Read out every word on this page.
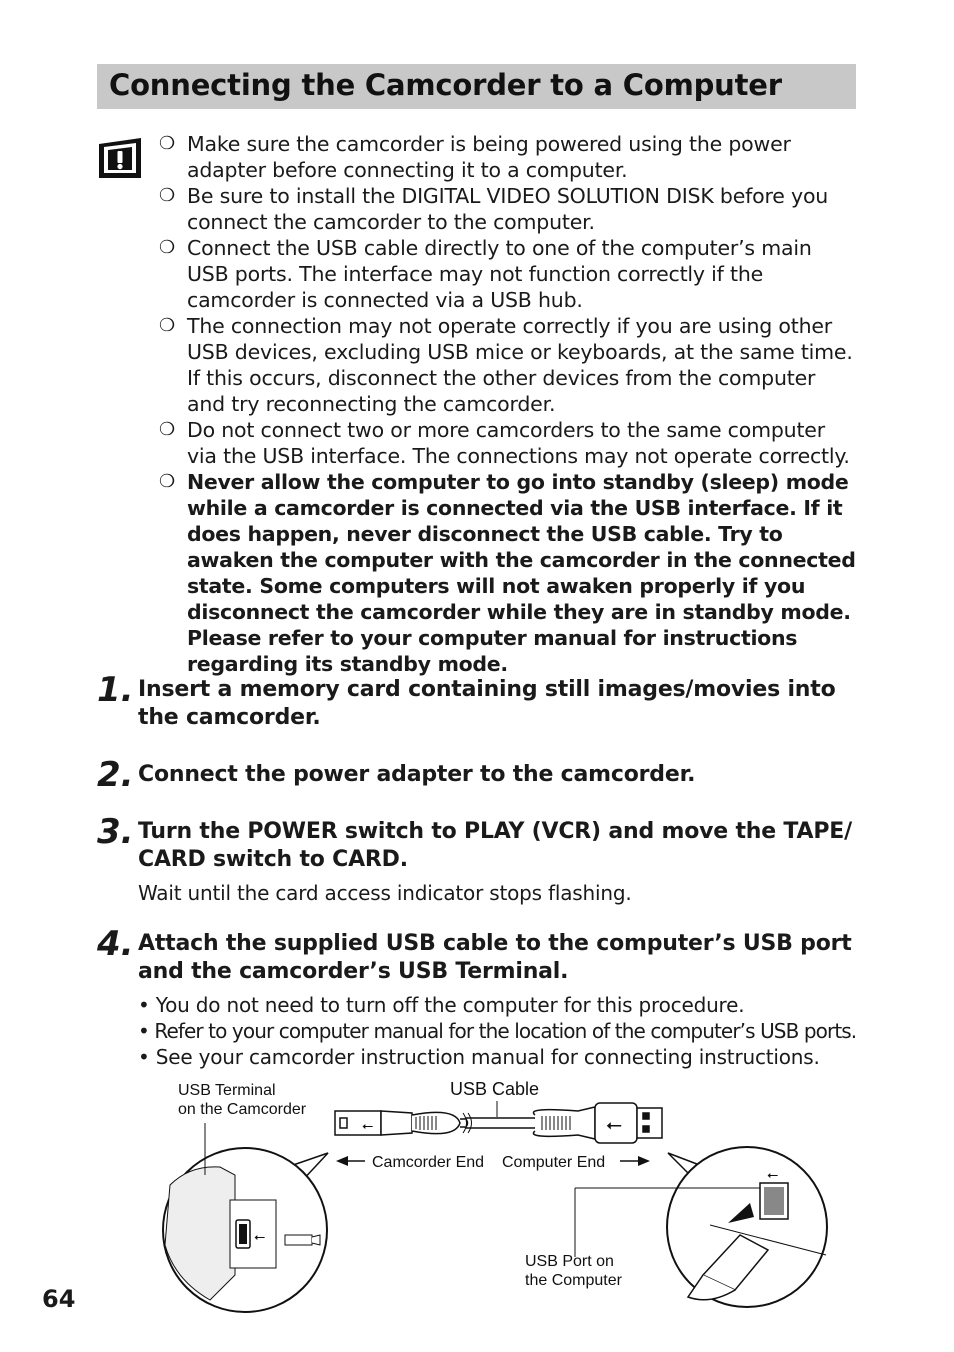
Connecting the Camcorder to a Computer
❍ Make sure the camcorder is being powered using the power adapter before connecting it to a computer.
❍ Be sure to install the DIGITAL VIDEO SOLUTION DISK before you connect the camcorder to the computer.
❍ Connect the USB cable directly to one of the computer’s main USB ports. The interface may not function correctly if the camcorder is connected via a USB hub.
❍ The connection may not operate correctly if you are using other USB devices, excluding USB mice or keyboards, at the same time. If this occurs, disconnect the other devices from the computer and try reconnecting the camcorder.
❍ Do not connect two or more camcorders to the same computer via the USB interface. The connections may not operate correctly.
❍ Never allow the computer to go into standby (sleep) mode while a camcorder is connected via the USB interface. If it does happen, never disconnect the USB cable. Try to awaken the computer with the camcorder in the connected state. Some computers will not awaken properly if you disconnect the camcorder while they are in standby mode. Please refer to your computer manual for instructions regarding its standby mode.
1. Insert a memory card containing still images/movies into the camcorder.
2. Connect the power adapter to the camcorder.
3. Turn the POWER switch to PLAY (VCR) and move the TAPE/ CARD switch to CARD.
Wait until the card access indicator stops flashing.
4. Attach the supplied USB cable to the computer’s USB port and the camcorder’s USB Terminal.
• You do not need to turn off the computer for this procedure.
• Refer to your computer manual for the location of the computer’s USB ports.
• See your camcorder instruction manual for connecting instructions.
USB Terminal
on the Camcorder
USB Cable
⭠	⭠
Camcorder End Computer End
⭠
⭠
USB Port on
the Computer
64
